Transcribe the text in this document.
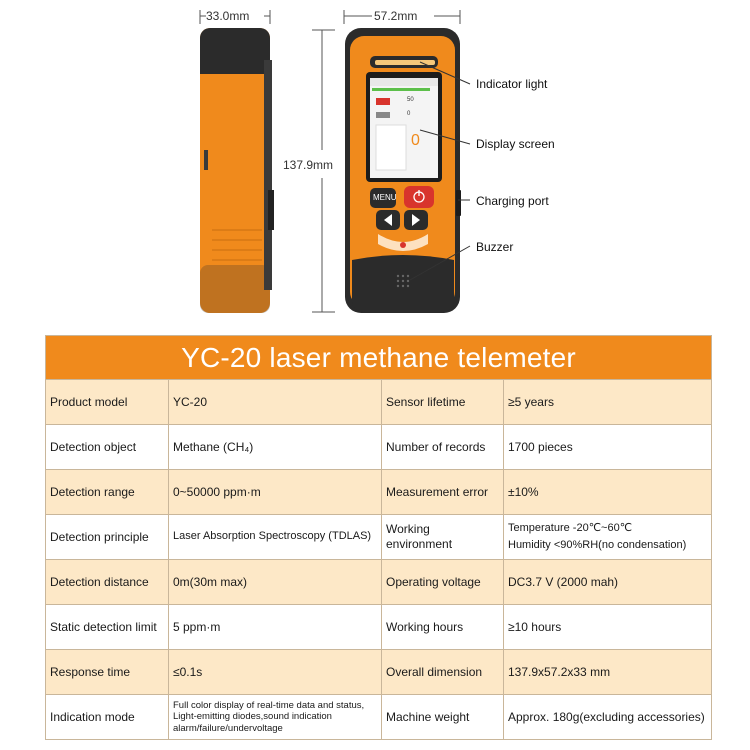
MENU
50
0
0
33.0mm	57.2mm
137.9mm
Indicator light
Display screen
Charging port
Buzzer
YC-20 laser methane telemeter			
Product model	YC-20	Sensor lifetime	≥5 years
Detection object	Methane (CH₄)	Number of records	1700 pieces
Detection range	0~50000 ppm·m	Measurement error	±10%
Detection principle	Laser Absorption Spectroscopy (TDLAS)	Working environment	Temperature -20℃~60℃
Humidity <90%RH(no condensation)

Detection distance	0m(30m max)	Operating voltage	DC3.7 V (2000 mah)
Static detection limit	5 ppm·m	Working hours	≥10 hours
Response time	≤0.1s	Overall dimension	137.9x57.2x33 mm
Indication mode	Full color display of real-time data and status, Light-emitting diodes,sound indication alarm/failure/undervoltage	Machine weight	Approx. 180g(excluding accessories)
